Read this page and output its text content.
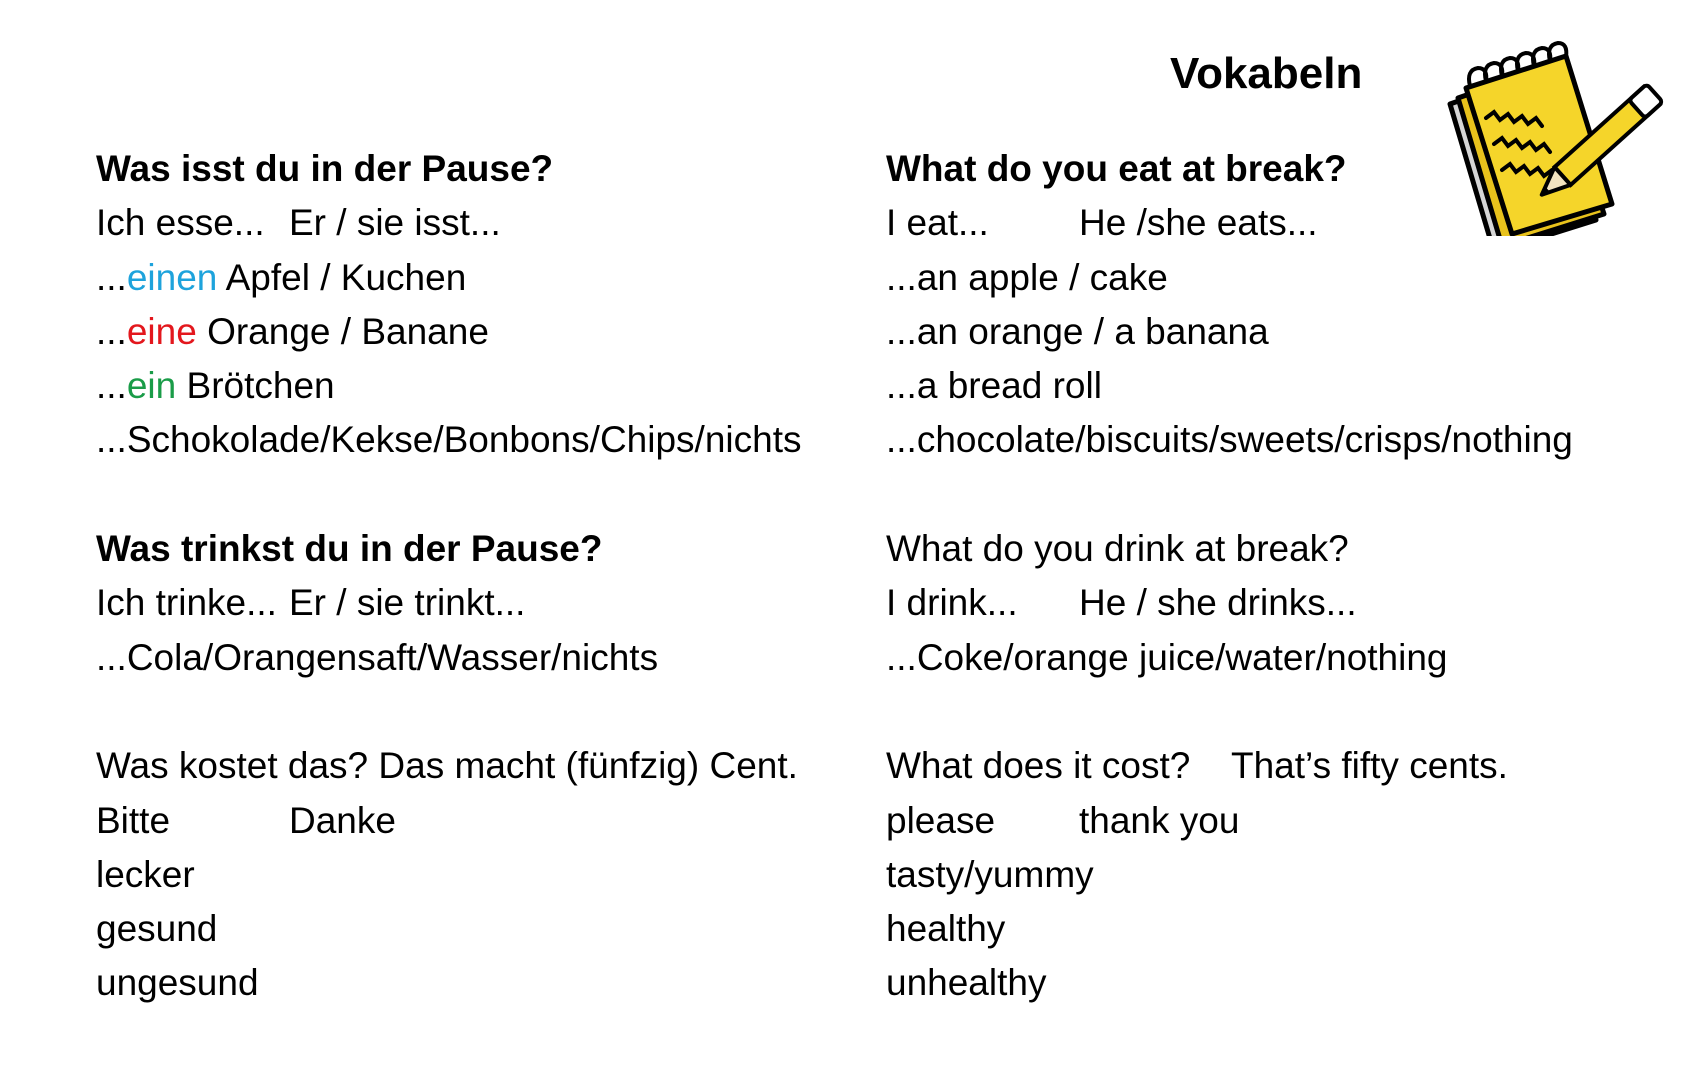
Vokabeln
Was isst du in der Pause?
Ich esse... Er / sie isst...
...einen Apfel / Kuchen
...eine Orange / Banane
...ein Brötchen
...Schokolade/Kekse/Bonbons/Chips/nichts
Was trinkst du in der Pause?
Ich trinke... Er / sie trinkt...
...Cola/Orangensaft/Wasser/nichts
Was kostet das? Das macht (fünfzig) Cent.
Bitte	Danke
lecker
gesund
ungesund
What do you eat at break?
I eat... He /she eats...
...an apple / cake
...an orange / a banana
...a bread roll
...chocolate/biscuits/sweets/crisps/nothing
What do you drink at break?
I drink... He / she drinks...
...Coke/orange juice/water/nothing
What does it cost? That’s fifty cents.
please thank you
tasty/yummy
healthy
unhealthy
